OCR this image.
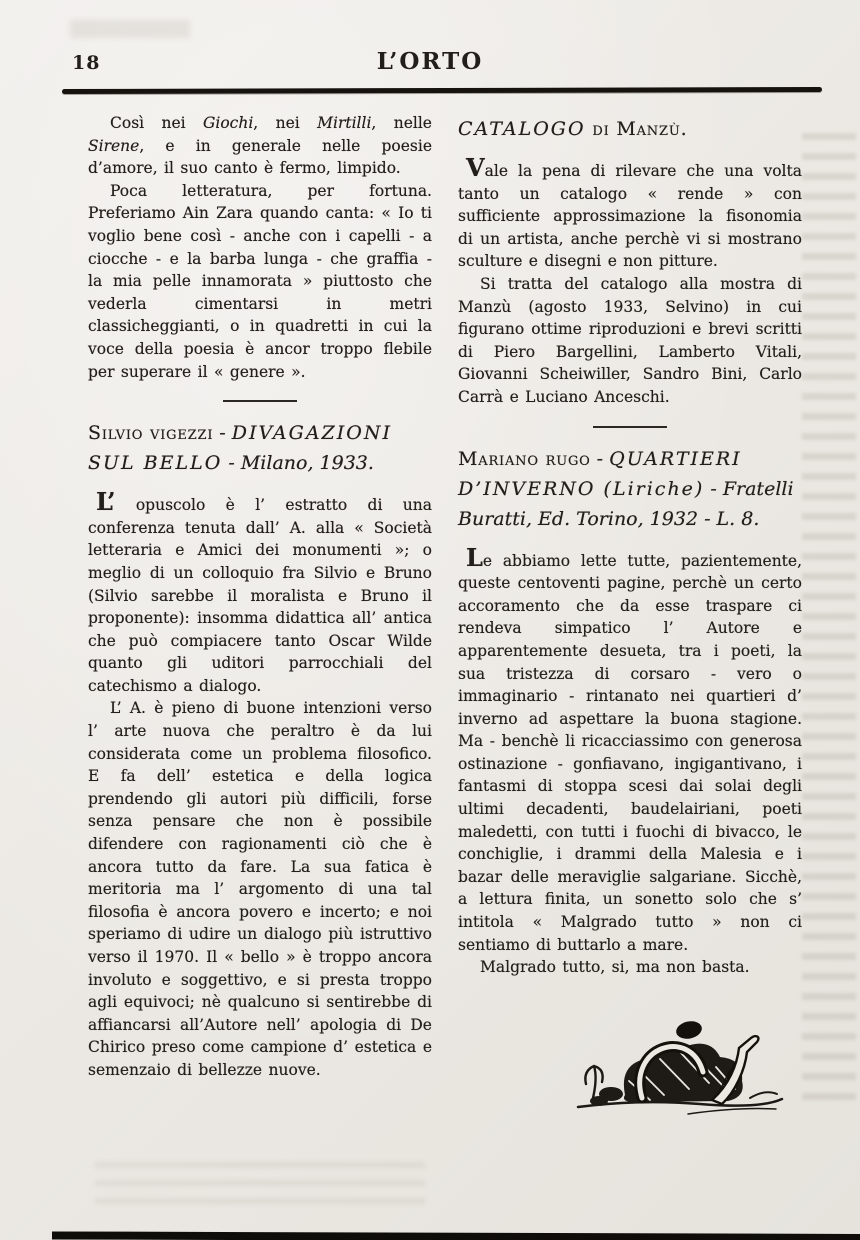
18	L’ORTO

Così nei Giochi, nei Mirtilli, nelle Sirene, e in generale nelle poesie d’amore, il suo canto è fermo, limpido.

Poca letteratura, per fortuna. Preferiamo Ain Zara quando canta: « Io ti voglio bene così - anche con i capelli - a ciocche - e la barba lunga - che graffia - la mia pelle innamorata » piuttosto che vederla cimentarsi in metri classicheggianti, o in quadretti in cui la voce della poesia è ancor troppo flebile per superare il « genere ».

Silvio vigezzi - DIVAGAZIONI SUL BELLO - Milano, 1933.

L’ opuscolo è l’ estratto di una conferenza tenuta dall’ A. alla « Società letteraria e Amici dei monumenti »; o meglio di un colloquio fra Silvio e Bruno (Silvio sarebbe il moralista e Bruno il proponente): insomma didattica all’ antica che può compiacere tanto Oscar Wilde quanto gli uditori parrocchiali del catechismo a dialogo.

L’ A. è pieno di buone intenzioni verso l’ arte nuova che peraltro è da lui considerata come un problema filosofico. E fa dell’ estetica e della logica prendendo gli autori più difficili, forse senza pensare che non è possibile difendere con ragionamenti ciò che è ancora tutto da fare. La sua fatica è meritoria ma l’ argomento di una tal filosofia è ancora povero e incerto; e noi speriamo di udire un dialogo più istruttivo verso il 1970. Il « bello » è troppo ancora involuto e soggettivo, e si presta troppo agli equivoci; nè qualcuno si sentirebbe di affiancarsi all’Autore nell’ apologia di De Chirico preso come campione d’ estetica e semenzaio di bellezze nuove.

CATALOGO di Manzù.

Vale la pena di rilevare che una volta tanto un catalogo « rende » con sufficiente approssimazione la fisonomia di un artista, anche perchè vi si mostrano sculture e disegni e non pitture.

Si tratta del catalogo alla mostra di Manzù (agosto 1933, Selvino) in cui figurano ottime riproduzioni e brevi scritti di Piero Bargellini, Lamberto Vitali, Giovanni Scheiwiller, Sandro Bini, Carlo Carrà e Luciano Anceschi.

Mariano rugo - QUARTIERI D’INVERNO (Liriche) - Fratelli Buratti, Ed. Torino, 1932 - L. 8.

Le abbiamo lette tutte, pazientemente, queste centoventi pagine, perchè un certo accoramento che da esse traspare ci rendeva simpatico l’ Autore e apparentemente desueta, tra i poeti, la sua tristezza di corsaro - vero o immaginario - rintanato nei quartieri d’ inverno ad aspettare la buona stagione. Ma - benchè li ricacciassimo con generosa ostinazione - gonfiavano, ingigantivano, i fantasmi di stoppa scesi dai solai degli ultimi decadenti, baudelairiani, poeti maledetti, con tutti i fuochi di bivacco, le conchiglie, i drammi della Malesia e i bazar delle meraviglie salgariane. Sicchè, a lettura finita, un sonetto solo che s’ intitola « Malgrado tutto » non ci sentiamo di buttarlo a mare.

Malgrado tutto, si, ma non basta.
